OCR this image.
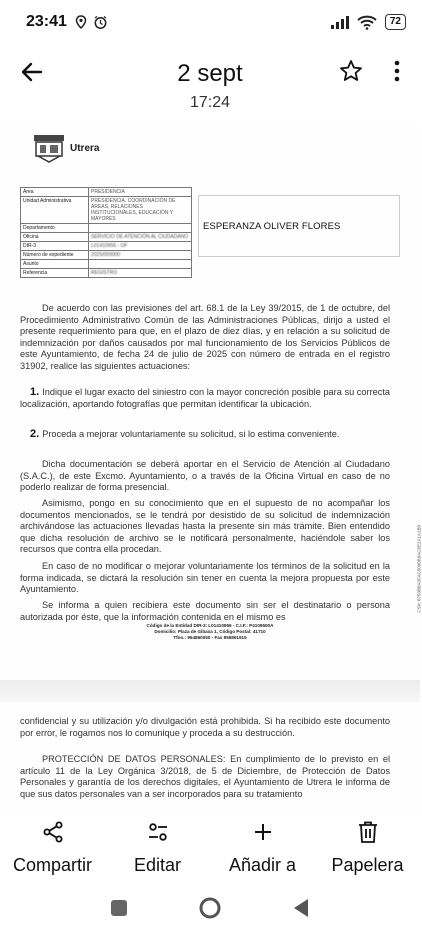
23:41	72
2 sept
17:24
Utrera
Área	PRESIDENCIA
Unidad Administrativa	PRESIDENCIA, COORDINACIÓN DE ÁREAS, RELACIONES INSTITUCIONALES, EDUCACIÓN Y MAYORES
Departamento	
Oficina	SERVICIO DE ATENCIÓN AL CIUDADANO
DIR-3	L01410956 - OF
Número de expediente	2025/000000
Asunto	
Referencia	REGISTRO
ESPERANZA OLIVER FLORES

De acuerdo con las previsiones del art. 68.1 de la Ley 39/2015, de 1 de octubre, del Procedimiento Administrativo Común de las Administraciones Públicas, dirijo a usted el presente requerimiento para que, en el plazo de diez días, y en relación a su solicitud de indemnización por daños causados por mal funcionamiento de los Servicios Públicos de este Ayuntamiento, de fecha 24 de julio de 2025 con número de entrada en el registro 31902, realice las siguientes actuaciones:

1. Indique el lugar exacto del siniestro con la mayor concreción posible para su correcta localización, aportando fotografías que permitan identificar la ubicación.

2. Proceda a mejorar voluntariamente su solicitud, si lo estima conveniente.

Dicha documentación se deberá aportar en el Servicio de Atención al Ciudadano (S.A.C.), de este Excmo. Ayuntamiento, o a través de la Oficina Virtual en caso de no poderlo realizar de forma presencial.

Asimismo, pongo en su conocimiento que en el supuesto de no acompañar los documentos mencionados, se le tendrá por desistido de su solicitud de indemnización archivándose las actuaciones llevadas hasta la presente sin más trámite. Bien entendido que dicha resolución de archivo se le notificará personalmente, haciéndole saber los recursos que contra ella procedan.

En caso de no modificar o mejorar voluntariamente los términos de la solicitud en la forma indicada, se dictará la resolución sin tener en cuenta la mejora propuesta por este Ayuntamiento.

Se informa a quien recibiera este documento sin ser el destinatario o persona autorizada por éste, que la información contenida en el mismo es

Código de la Entidad DIR-3: L01410956 - C.I.F.: P4109500A
Domicilio: Plaza de Gibaxa 1, Código Postal: 41710
Tfno.: 954860050 - Fax 955861915
CSV: 0750B6A3FAC5090B9AC6E2A1A1B0

confidencial y su utilización y/o divulgación está prohibida. Si ha recibido este documento por error, le rogamos nos lo comunique y proceda a su destrucción.

PROTECCIÓN DE DATOS PERSONALES: En cumplimiento de lo previsto en el artículo 11 de la Ley Orgánica 3/2018, de 5 de Diciembre, de Protección de Datos Personales y garantía de los derechos digitales, el Ayuntamiento de Utrera le informa de que sus datos personales van a ser incorporados para su tratamiento

Compartir Editar	Añadir a Papelera
